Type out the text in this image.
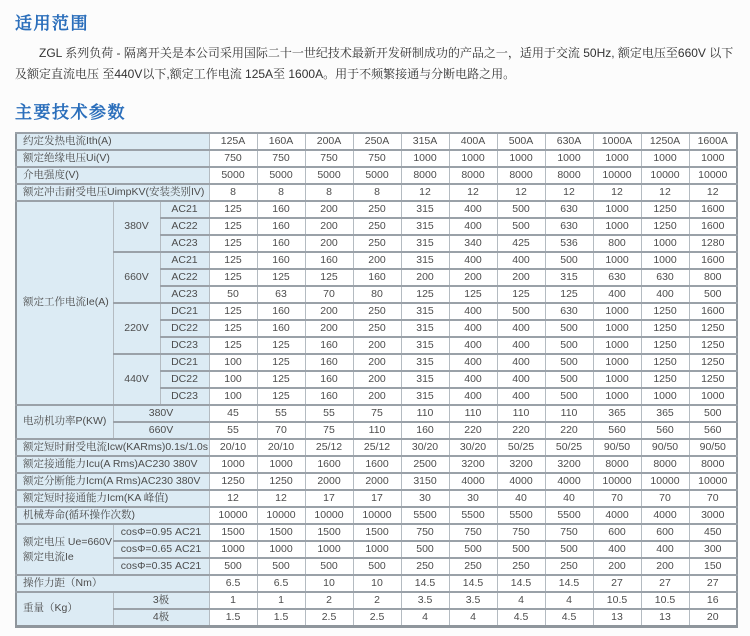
适用范围

ZGL 系列负荷 - 隔离开关是本公司采用国际二十一世纪技术最新开发研制成功的产品之一，适用于交流 50Hz, 额定电压至660V 以下及额定直流电压 至440V以下,额定工作电流 125A至 1600A。用于不频繁接通与分断电路之用。

主要技术参数
约定发热电流Ith(A)			125A	160A	200A	250A	315A	400A	500A	630A	1000A	1250A	1600A
额定绝缘电压Ui(V)			750	750	750	750	1000	1000	1000	1000	1000	1000	1000
介电强度(V)			5000	5000	5000	5000	8000	8000	8000	8000	10000	10000	10000
额定冲击耐受电压UimpKV(安装类别IV)			8	8	8	8	12	12	12	12	12	12	12
额定工作电流Ie(A)	380V	AC21	125	160	200	250	315	400	500	630	1000	1250	1600
		AC22	125	160	200	250	315	400	500	630	1000	1250	1600
		AC23	125	160	200	250	315	340	425	536	800	1000	1280
	660V	AC21	125	160	160	200	315	400	400	500	1000	1000	1600
		AC22	125	125	125	160	200	200	200	315	630	630	800
		AC23	50	63	70	80	125	125	125	125	400	400	500
	220V	DC21	125	160	200	250	315	400	500	630	1000	1250	1600
		DC22	125	160	200	250	315	400	400	500	1000	1250	1250
		DC23	125	125	160	200	315	400	400	500	1000	1250	1250
	440V	DC21	100	125	160	200	315	400	400	500	1000	1250	1250
		DC22	100	125	160	200	315	400	400	500	1000	1250	1250
		DC23	100	125	160	200	315	400	400	500	1000	1000	1000
电动机功率P(KW)	380V		45	55	55	75	110	110	110	110	365	365	500
	660V		55	70	75	110	160	220	220	220	560	560	560
额定短时耐受电流Icw(KARms)0.1s/1.0s			20/10	20/10	25/12	25/12	30/20	30/20	50/25	50/25	90/50	90/50	90/50
额定接通能力Icu(A Rms)AC230 380V			1000	1000	1600	1600	2500	3200	3200	3200	8000	8000	8000
额定分断能力Icm(A Rms)AC230 380V			1250	1250	2000	2000	3150	4000	4000	4000	10000	10000	10000
额定短时接通能力Icm(KA 峰值)			12	12	17	17	30	30	40	40	70	70	70
机械寿命(循环操作次数)			10000	10000	10000	10000	5500	5500	5500	5500	4000	4000	3000

额定电压 Ue=660V
额定电流Ie	cosΦ=0.95 AC21		1500	1500	1500	1500	750	750	750	750	600	600	450
	cosΦ=0.65 AC21		1000	1000	1000	1000	500	500	500	500	400	400	300
	cosΦ=0.35 AC21		500	500	500	500	250	250	250	250	200	200	150
操作力距（Nm）			6.5	6.5	10	10	14.5	14.5	14.5	14.5	27	27	27
重量（Kg）	3极		1	1	2	2	3.5	3.5	4	4	10.5	10.5	16
	4极		1.5	1.5	2.5	2.5	4	4	4.5	4.5	13	13	20
